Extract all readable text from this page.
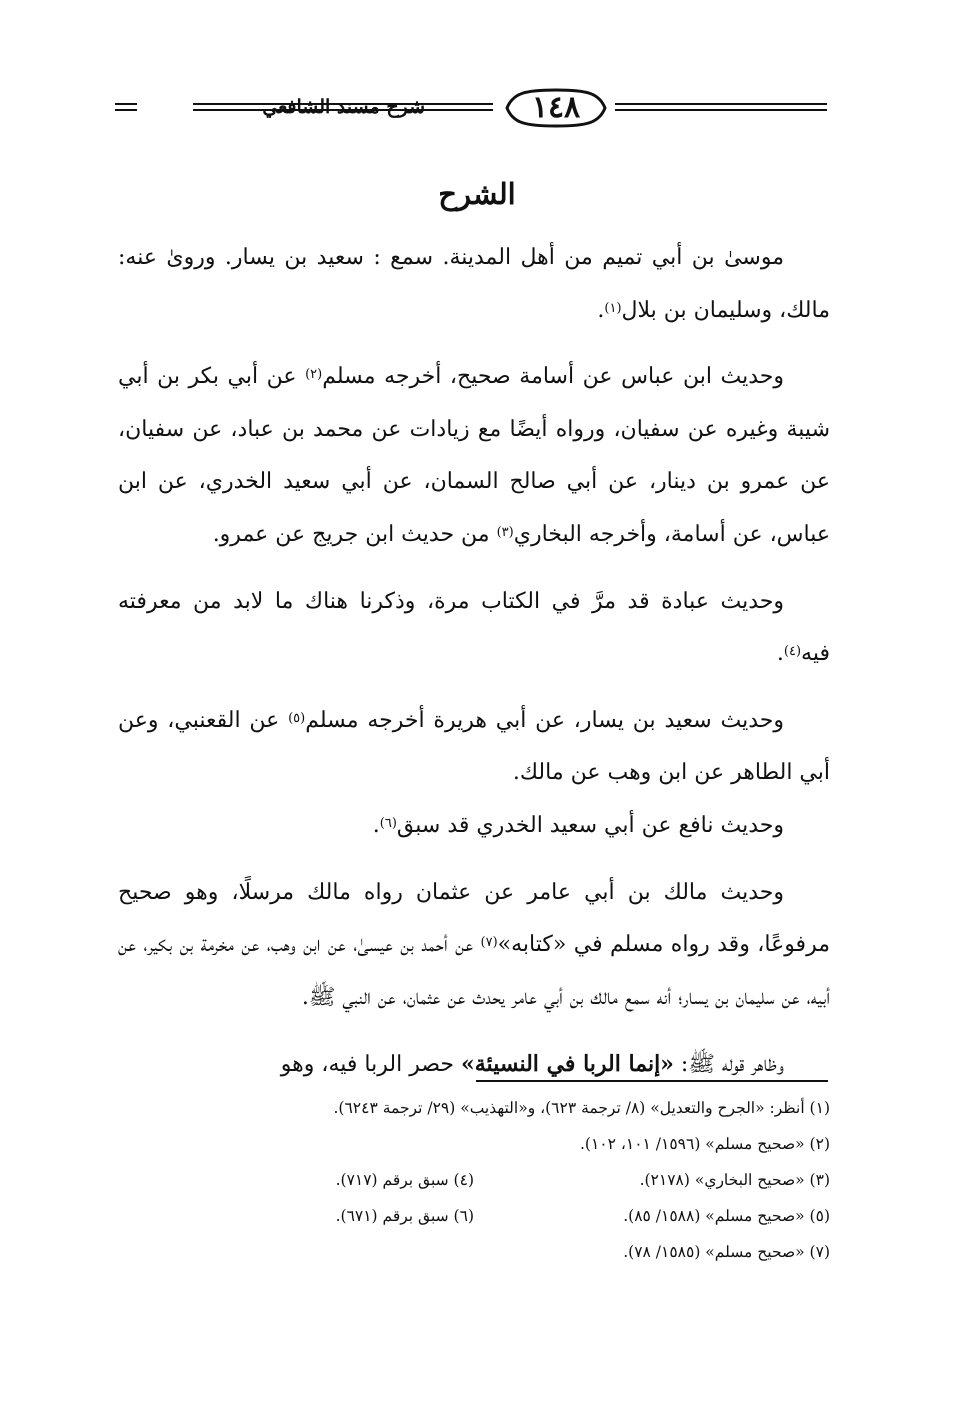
شرح مسند الشافعي	١٤٨
الشرح

موسىٰ بن أبي تميم من أهل المدينة. سمع : سعيد بن يسار. وروىٰ عنه: مالك، وسليمان بن بلال$^{(١)}$.

وحديث ابن عباس عن أسامة صحيح، أخرجه مسلم$^{(٢)}$ عن أبي بكر بن أبي شيبة وغيره عن سفيان، ورواه أيضًا مع زيادات عن محمد بن عباد، عن سفيان، عن عمرو بن دينار، عن أبي صالح السمان، عن أبي سعيد الخدري، عن ابن عباس، عن أسامة، وأخرجه البخاري$^{(٣)}$ من حديث ابن جريج عن عمرو.

وحديث عبادة قد مرَّ في الكتاب مرة، وذكرنا هناك ما لابد من معرفته فيه$^{(٤)}$.

وحديث سعيد بن يسار، عن أبي هريرة أخرجه مسلم$^{(٥)}$ عن القعنبي، وعن أبي الطاهر عن ابن وهب عن مالك.

وحديث نافع عن أبي سعيد الخدري قد سبق$^{(٦)}$.

وحديث مالك بن أبي عامر عن عثمان رواه مالك مرسلًا، وهو صحيح مرفوعًا، وقد رواه مسلم في «كتابه»$^{(٧)}$ عن أحمد بن عيسىٰ، عن ابن وهب، عن مخرمة بن بكير، عن أبيه، عن سليمان بن يسار؛ أنه سمع مالك بن أبي عامر يحدث عن عثمان، عن النبي ﷺ.

وظاهر قوله ﷺ: «إنما الربا في النسيئة» حصر الربا فيه، وهو

(١) أنظر: «الجرح والتعديل» (٨/ ترجمة ٦٢٣)، و«التهذيب» (٢٩/ ترجمة ٦٢٤٣).
(٢) «صحيح مسلم» (١٥٩٦/ ١٠١، ١٠٢).
(٣) «صحيح البخاري» (٢١٧٨).
(٤) سبق برقم (٧١٧).
(٥) «صحيح مسلم» (١٥٨٨/ ٨٥).
(٦) سبق برقم (٦٧١).
(٧) «صحيح مسلم» (١٥٨٥/ ٧٨).
